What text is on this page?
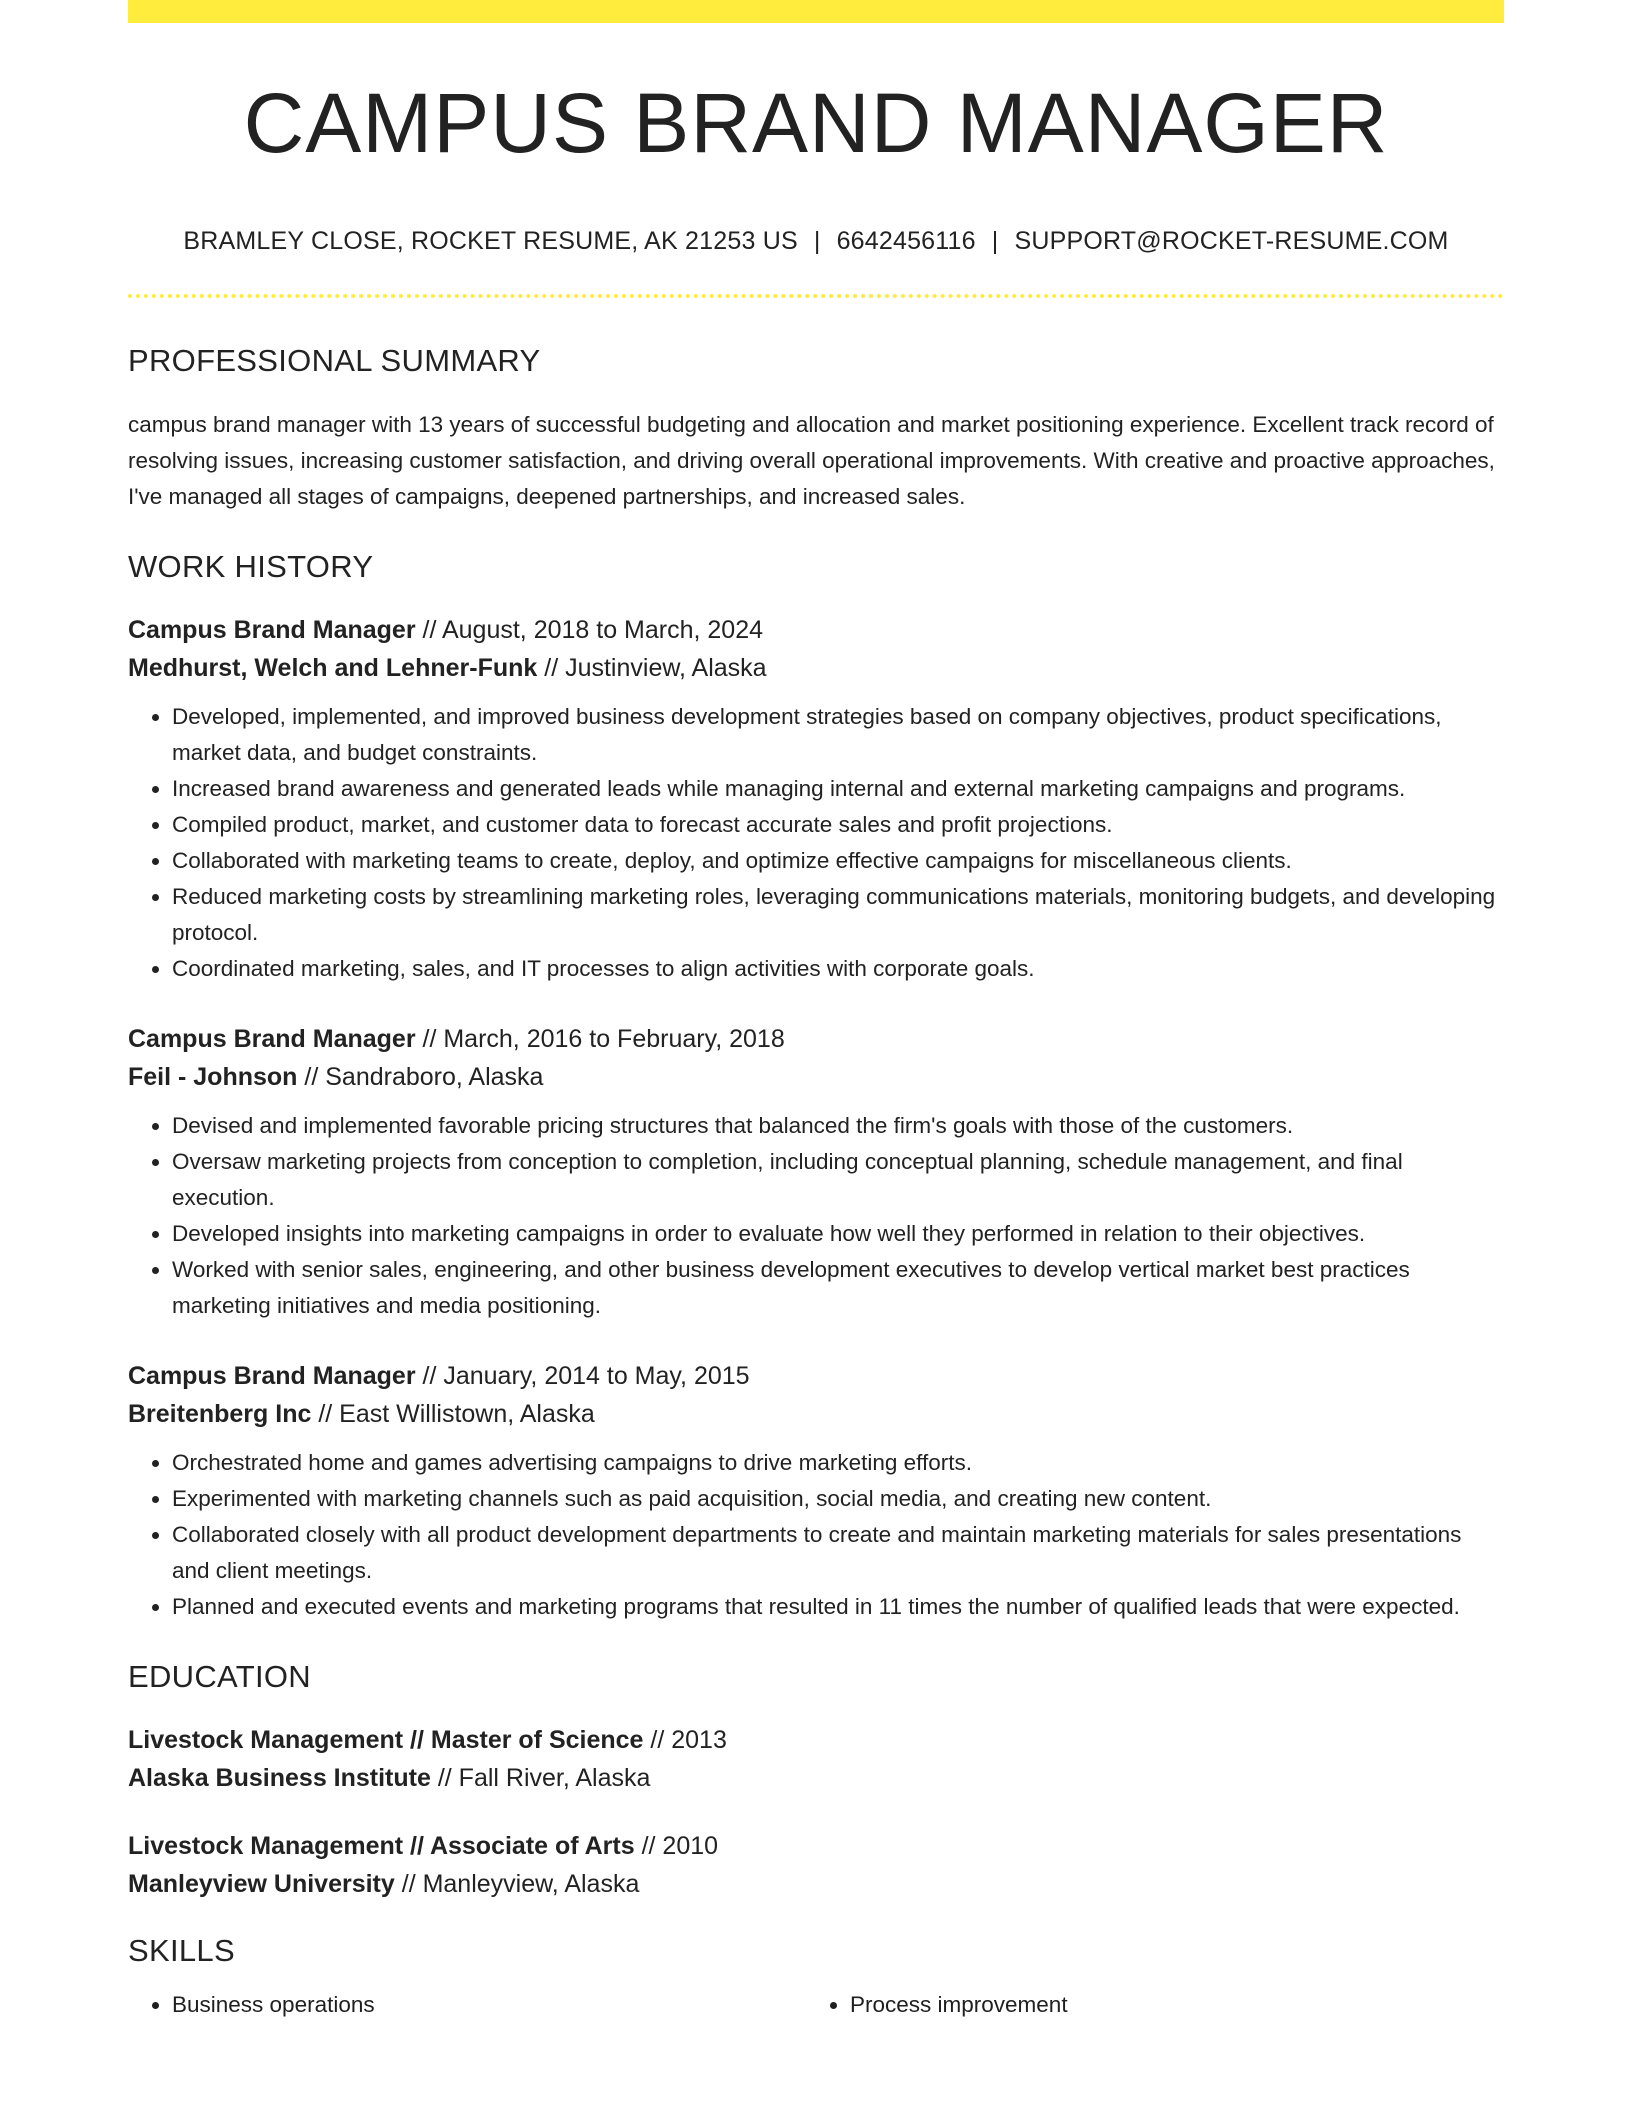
CAMPUS BRAND MANAGER
BRAMLEY CLOSE, ROCKET RESUME, AK 21253 US | 6642456116 | SUPPORT@ROCKET-RESUME.COM
PROFESSIONAL SUMMARY
campus brand manager with 13 years of successful budgeting and allocation and market positioning experience. Excellent track record of resolving issues, increasing customer satisfaction, and driving overall operational improvements. With creative and proactive approaches, I've managed all stages of campaigns, deepened partnerships, and increased sales.
WORK HISTORY
Campus Brand Manager // August, 2018 to March, 2024
Medhurst, Welch and Lehner-Funk // Justinview, Alaska
• Developed, implemented, and improved business development strategies based on company objectives, product specifications, market data, and budget constraints.
• Increased brand awareness and generated leads while managing internal and external marketing campaigns and programs.
• Compiled product, market, and customer data to forecast accurate sales and profit projections.
• Collaborated with marketing teams to create, deploy, and optimize effective campaigns for miscellaneous clients.
• Reduced marketing costs by streamlining marketing roles, leveraging communications materials, monitoring budgets, and developing protocol.
• Coordinated marketing, sales, and IT processes to align activities with corporate goals.
Campus Brand Manager // March, 2016 to February, 2018
Feil - Johnson // Sandraboro, Alaska
• Devised and implemented favorable pricing structures that balanced the firm's goals with those of the customers.
• Oversaw marketing projects from conception to completion, including conceptual planning, schedule management, and final execution.
• Developed insights into marketing campaigns in order to evaluate how well they performed in relation to their objectives.
• Worked with senior sales, engineering, and other business development executives to develop vertical market best practices marketing initiatives and media positioning.
Campus Brand Manager // January, 2014 to May, 2015
Breitenberg Inc // East Willistown, Alaska
• Orchestrated home and games advertising campaigns to drive marketing efforts.
• Experimented with marketing channels such as paid acquisition, social media, and creating new content.
• Collaborated closely with all product development departments to create and maintain marketing materials for sales presentations and client meetings.
• Planned and executed events and marketing programs that resulted in 11 times the number of qualified leads that were expected.
EDUCATION
Livestock Management // Master of Science // 2013
Alaska Business Institute // Fall River, Alaska
Livestock Management // Associate of Arts // 2010
Manleyview University // Manleyview, Alaska
SKILLS
• Business operations
•	Process improvement
